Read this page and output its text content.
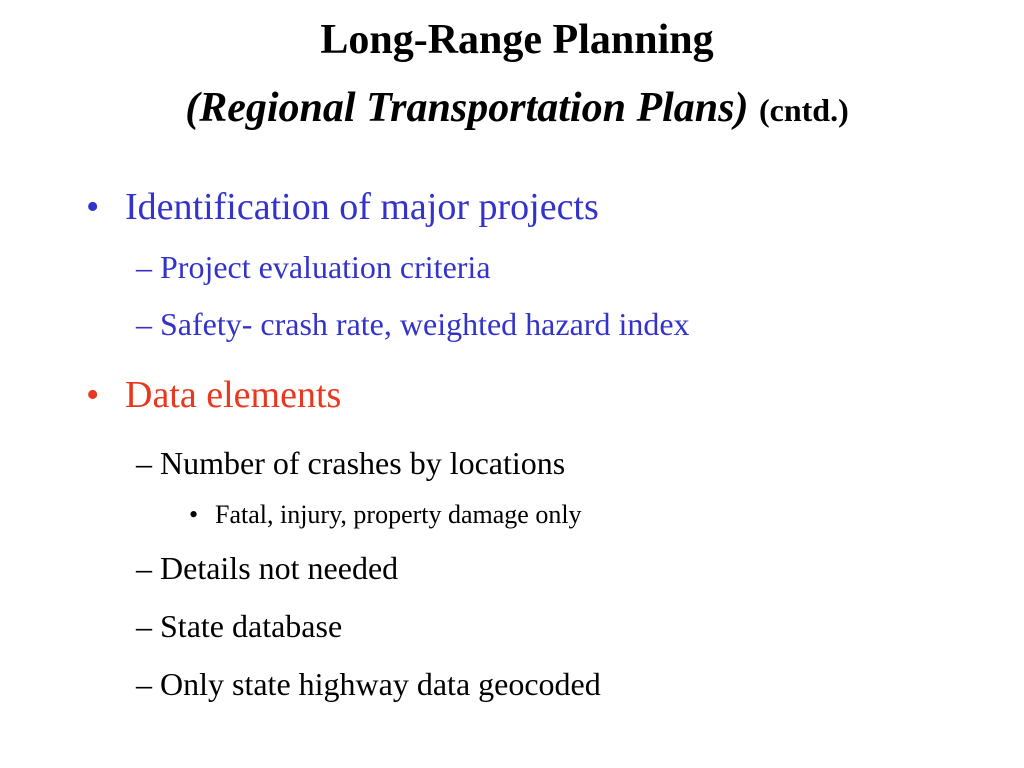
Long-Range Planning
(Regional Transportation Plans) (cntd.)
• Identification of major projects
– Project evaluation criteria
– Safety- crash rate, weighted hazard index
• Data elements
– Number of crashes by locations
• Fatal, injury, property damage only
– Details not needed
– State database
– Only state highway data geocoded
